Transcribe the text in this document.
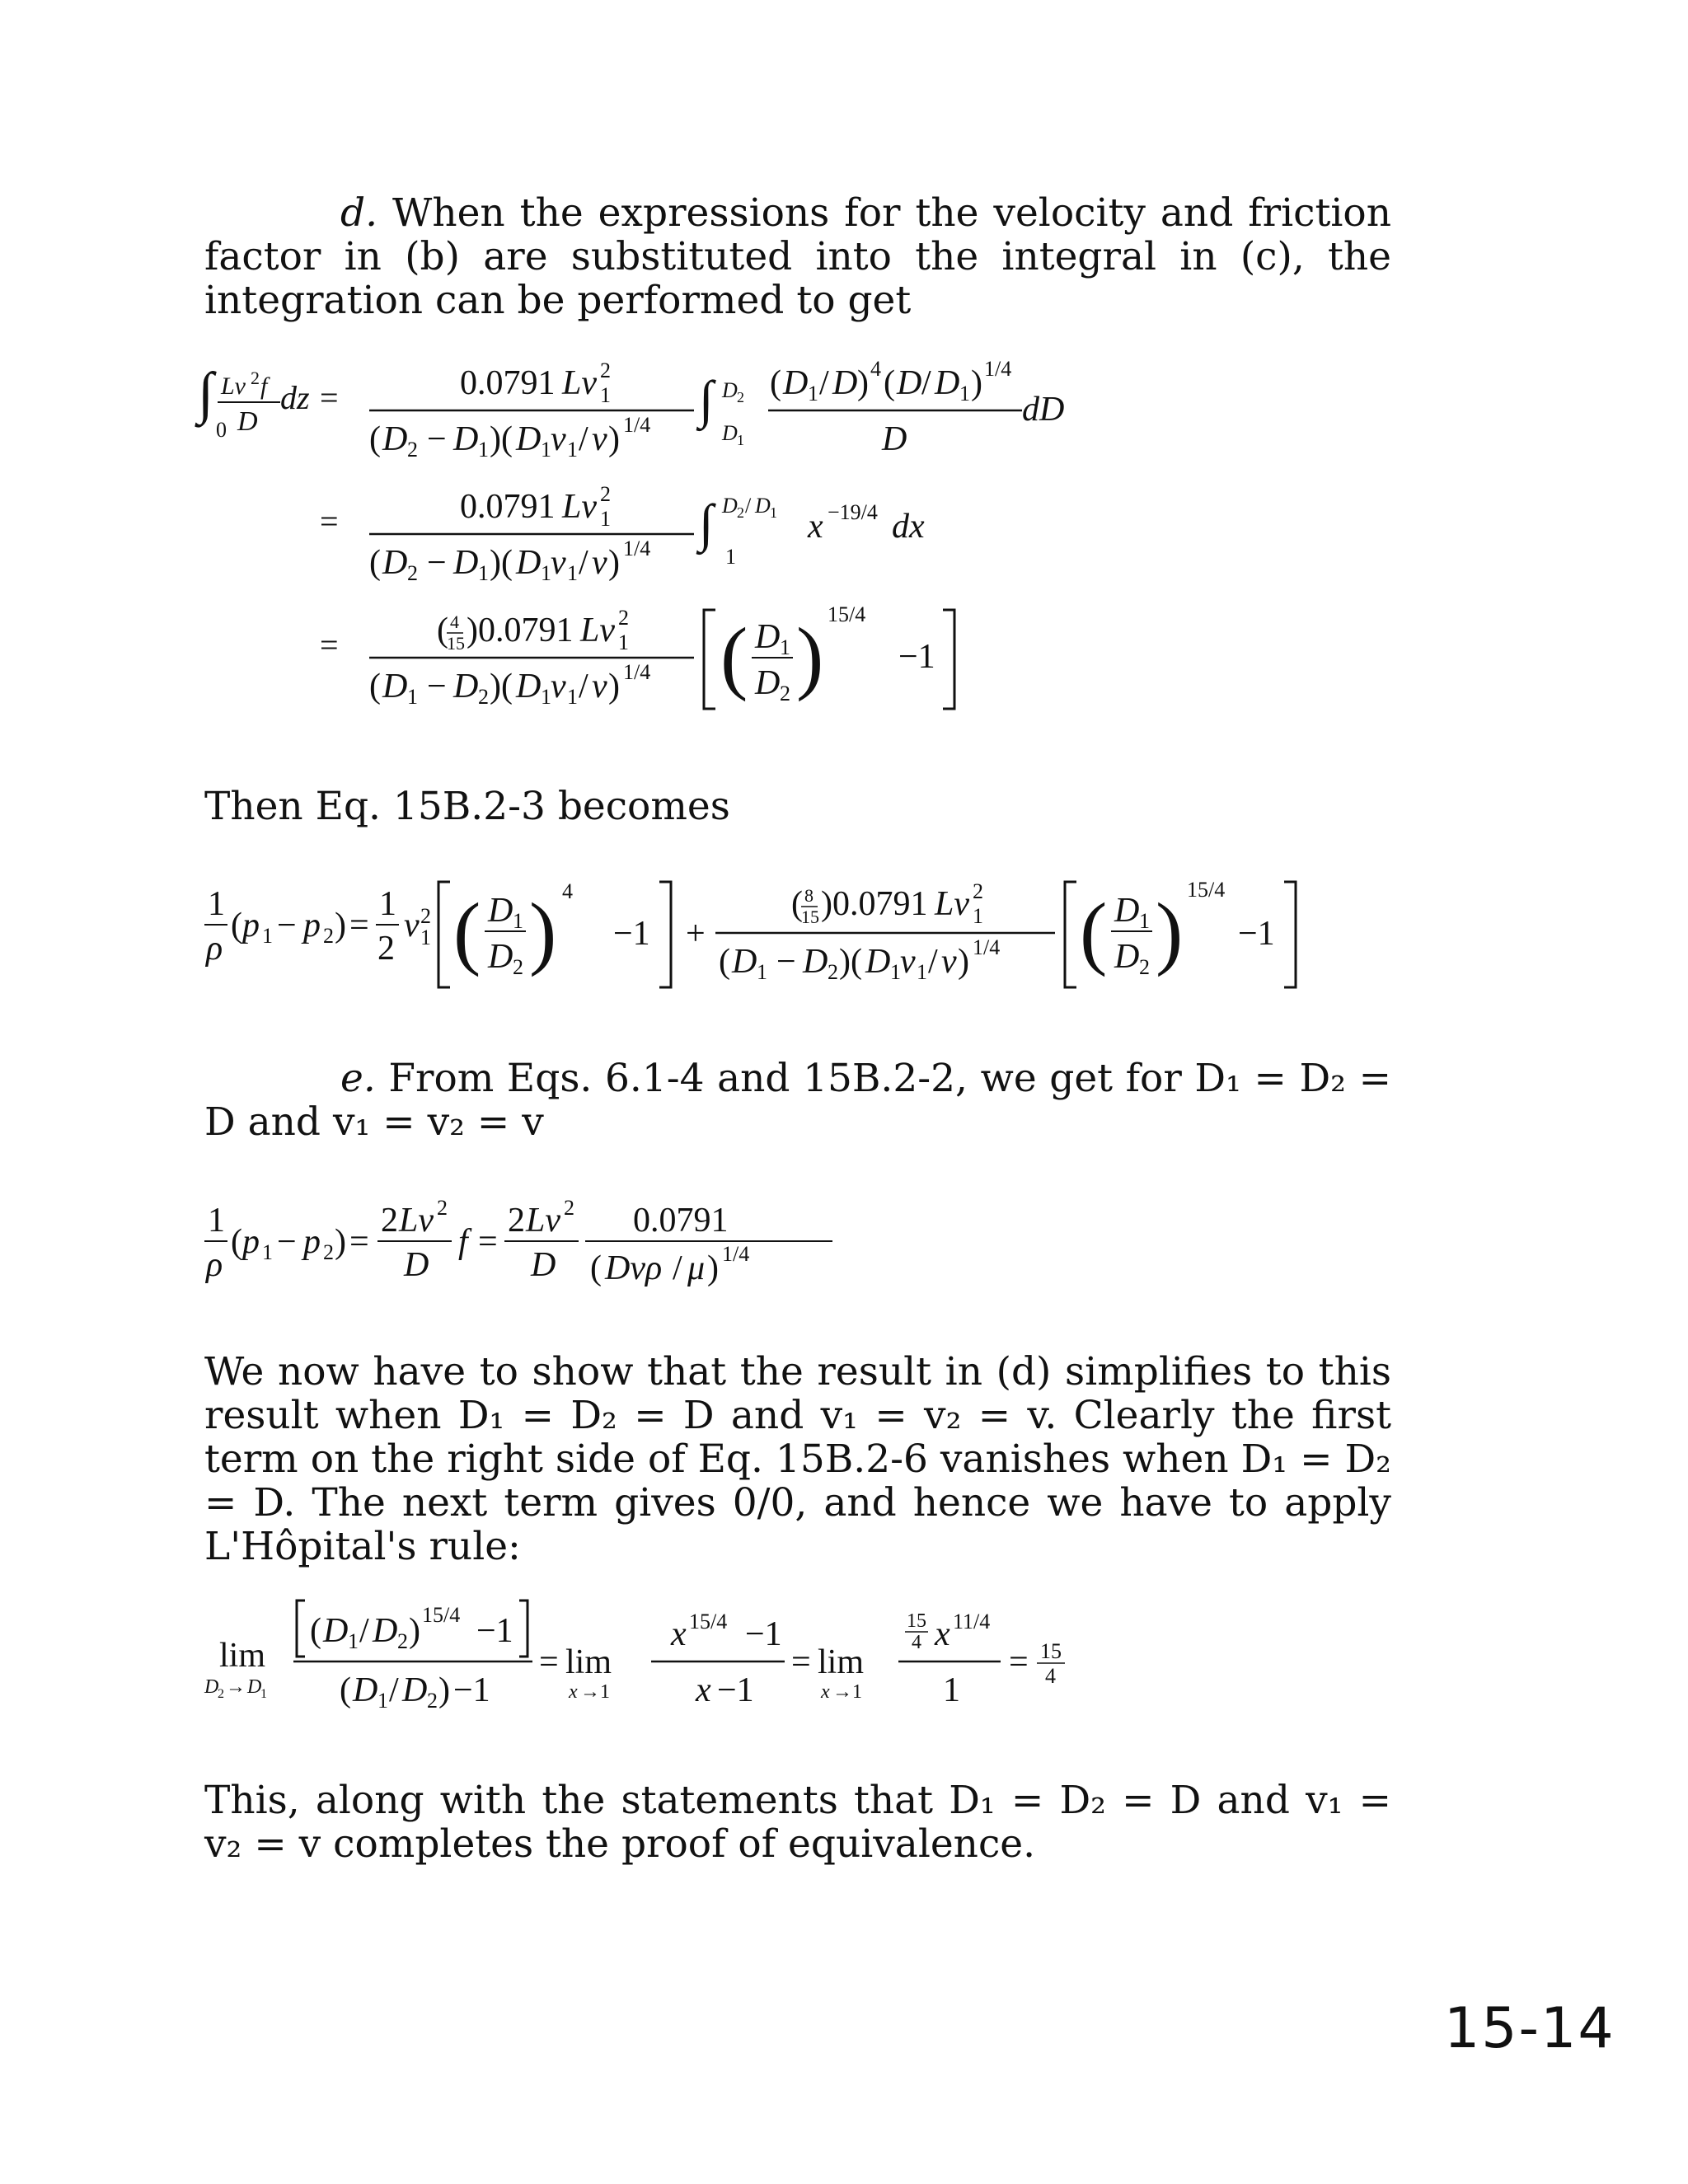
d. When the expressions for the velocity and friction factor in (b) are substituted into the integral in (c), the integration can be performed to get
∫
0
Lv 2 f
D
dz =	0.0791 Lv 2
1
( D 2 − D 1 )( D 1 v 1 / v ) 1/4 ∫ D 2
D 1
( D 1 / D ) 4 ( D / D 1 ) 1/4
D
dD
=	0.0791 Lv 2
1
( D 2 − D 1 )( D 1 v 1 / v ) 1/4 ∫ D 2 / D 1
1
x −19/4 dx
=	( 4
15 )0.0791 Lv 2
1
( D 1 − D 2 )( D 1 v 1 / v ) 1/4 ( D 1
D 2 ) 15/4
−1
Then Eq. 15B.2-3 becomes
1
ρ
( p 1 − p 2 ) =
1
2
v 2
1 ( D 1
D 2 ) 4
−1 +
( 8
15 )0.0791 Lv 2
1
( D 1 − D 2 )( D 1 v 1 / v ) 1/4 ( D 1
D 2 ) 15/4
−1
e. From Eqs. 6.1-4 and 15B.2-2, we get for D₁ = D₂ = D and v₁ = v₂ = v
1
ρ
( p 1 − p 2 ) =
2 Lv 2
D
f =
2 Lv 2
D
0.0791
( Dvρ / μ ) 1/4
We now have to show that the result in (d) simplifies to this result when D₁ = D₂ = D and v₁ = v₂ = v. Clearly the first term on the right side of Eq. 15B.2-6 vanishes when D₁ = D₂ = D. The next term gives 0/0, and hence we have to apply L'Hôpital's rule:
lim
D
2 → D
1
( D 1 / D 2 ) 15/4 −1
( D 1 / D 2 ) −1
= lim
x →1
x 15/4 −1
x −1
= lim
x →1
15
4 x 11/4
1
= 15
4
This, along with the statements that D₁ = D₂ = D and v₁ = v₂ = v completes the proof of equivalence.
15-14
